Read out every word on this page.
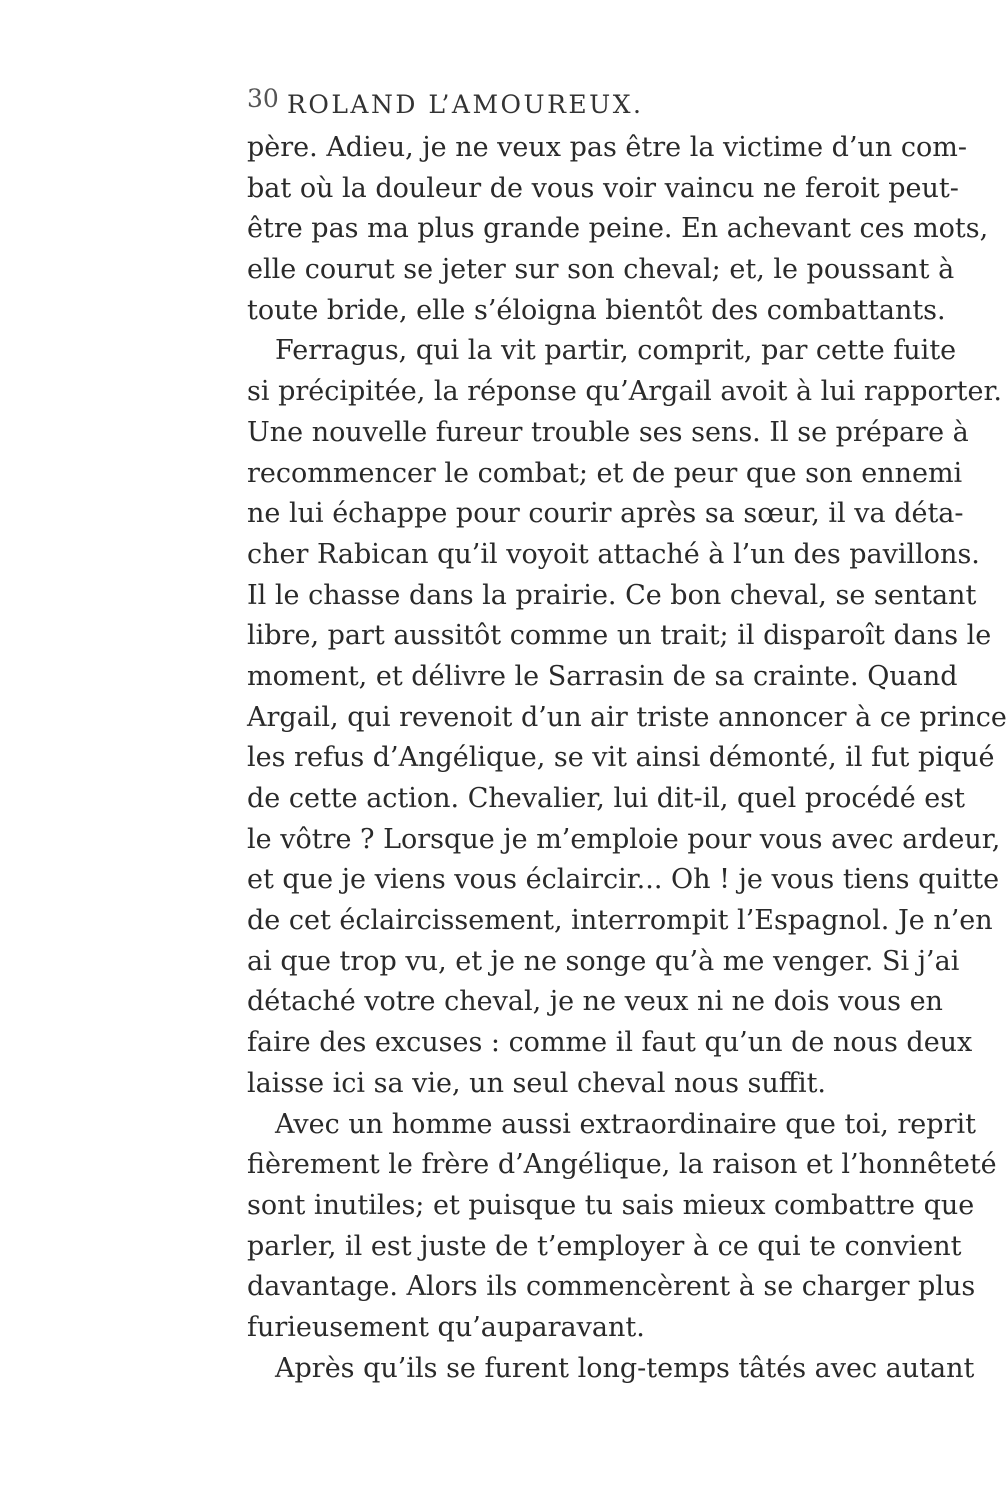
30 ROLAND L’AMOUREUX.
père. Adieu, je ne veux pas être la victime d’un com-
bat où la douleur de vous voir vaincu ne feroit peut-
être pas ma plus grande peine. En achevant ces mots,
elle courut se jeter sur son cheval; et, le poussant à
toute bride, elle s’éloigna bientôt des combattants.
Ferragus, qui la vit partir, comprit, par cette fuite
si précipitée, la réponse qu’Argail avoit à lui rapporter.
Une nouvelle fureur trouble ses sens. Il se prépare à
recommencer le combat; et de peur que son ennemi
ne lui échappe pour courir après sa sœur, il va déta-
cher Rabican qu’il voyoit attaché à l’un des pavillons.
Il le chasse dans la prairie. Ce bon cheval, se sentant
libre, part aussitôt comme un trait; il disparoît dans le
moment, et délivre le Sarrasin de sa crainte. Quand
Argail, qui revenoit d’un air triste annoncer à ce prince
les refus d’Angélique, se vit ainsi démonté, il fut piqué
de cette action. Chevalier, lui dit-il, quel procédé est
le vôtre ? Lorsque je m’emploie pour vous avec ardeur,
et que je viens vous éclaircir... Oh ! je vous tiens quitte
de cet éclaircissement, interrompit l’Espagnol. Je n’en
ai que trop vu, et je ne songe qu’à me venger. Si j’ai
détaché votre cheval, je ne veux ni ne dois vous en
faire des excuses : comme il faut qu’un de nous deux
laisse ici sa vie, un seul cheval nous suffit.
Avec un homme aussi extraordinaire que toi, reprit
fièrement le frère d’Angélique, la raison et l’honnêteté
sont inutiles; et puisque tu sais mieux combattre que
parler, il est juste de t’employer à ce qui te convient
davantage. Alors ils commencèrent à se charger plus
furieusement qu’auparavant.
Après qu’ils se furent long-temps tâtés avec autant
